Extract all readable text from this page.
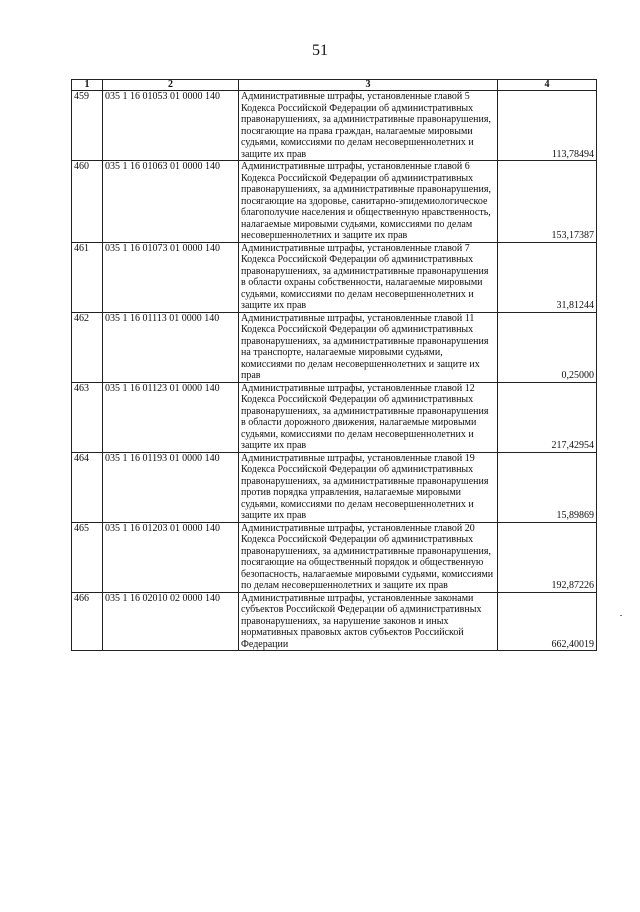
51
1	2	3	4
459	035 1 16 01053 01 0000 140	Административные штрафы, установленные главой 5 Кодекса Российской Федерации об административных правонарушениях, за административные правонарушения, посягающие на права граждан, налагаемые мировыми судьями, комиссиями по делам несовершеннолетних и защите их прав	113,78494
460	035 1 16 01063 01 0000 140	Административные штрафы, установленные главой 6 Кодекса Российской Федерации об административных правонарушениях, за административные правонарушения, посягающие на здоровье, санитарно-эпидемиологическое благополучие населения и общественную нравственность, налагаемые мировыми судьями, комиссиями по делам несовершеннолетних и защите их прав	153,17387
461	035 1 16 01073 01 0000 140	Административные штрафы, установленные главой 7 Кодекса Российской Федерации об административных правонарушениях, за административные правонарушения в области охраны собственности, налагаемые мировыми судьями, комиссиями по делам несовершеннолетних и защите их прав	31,81244
462	035 1 16 01113 01 0000 140	Административные штрафы, установленные главой 11 Кодекса Российской Федерации об административных правонарушениях, за административные правонарушения на транспорте, налагаемые мировыми судьями, комиссиями по делам несовершеннолетних и защите их прав	0,25000
463	035 1 16 01123 01 0000 140	Административные штрафы, установленные главой 12 Кодекса Российской Федерации об административных правонарушениях, за административные правонарушения в области дорожного движения, налагаемые мировыми судьями, комиссиями по делам несовершеннолетних и защите их прав	217,42954
464	035 1 16 01193 01 0000 140	Административные штрафы, установленные главой 19 Кодекса Российской Федерации об административных правонарушениях, за административные правонарушения против порядка управления, налагаемые мировыми судьями, комиссиями по делам несовершеннолетних и защите их прав	15,89869
465	035 1 16 01203 01 0000 140	Административные штрафы, установленные главой 20 Кодекса Российской Федерации об административных правонарушениях, за административные правонарушения, посягающие на общественный порядок и общественную безопасность, налагаемые мировыми судьями, комиссиями по делам несовершеннолетних и защите их прав	192,87226
466	035 1 16 02010 02 0000 140	Административные штрафы, установленные законами субъектов Российской Федерации об административных правонарушениях, за нарушение законов и иных нормативных правовых актов субъектов Российской Федерации	662,40019
